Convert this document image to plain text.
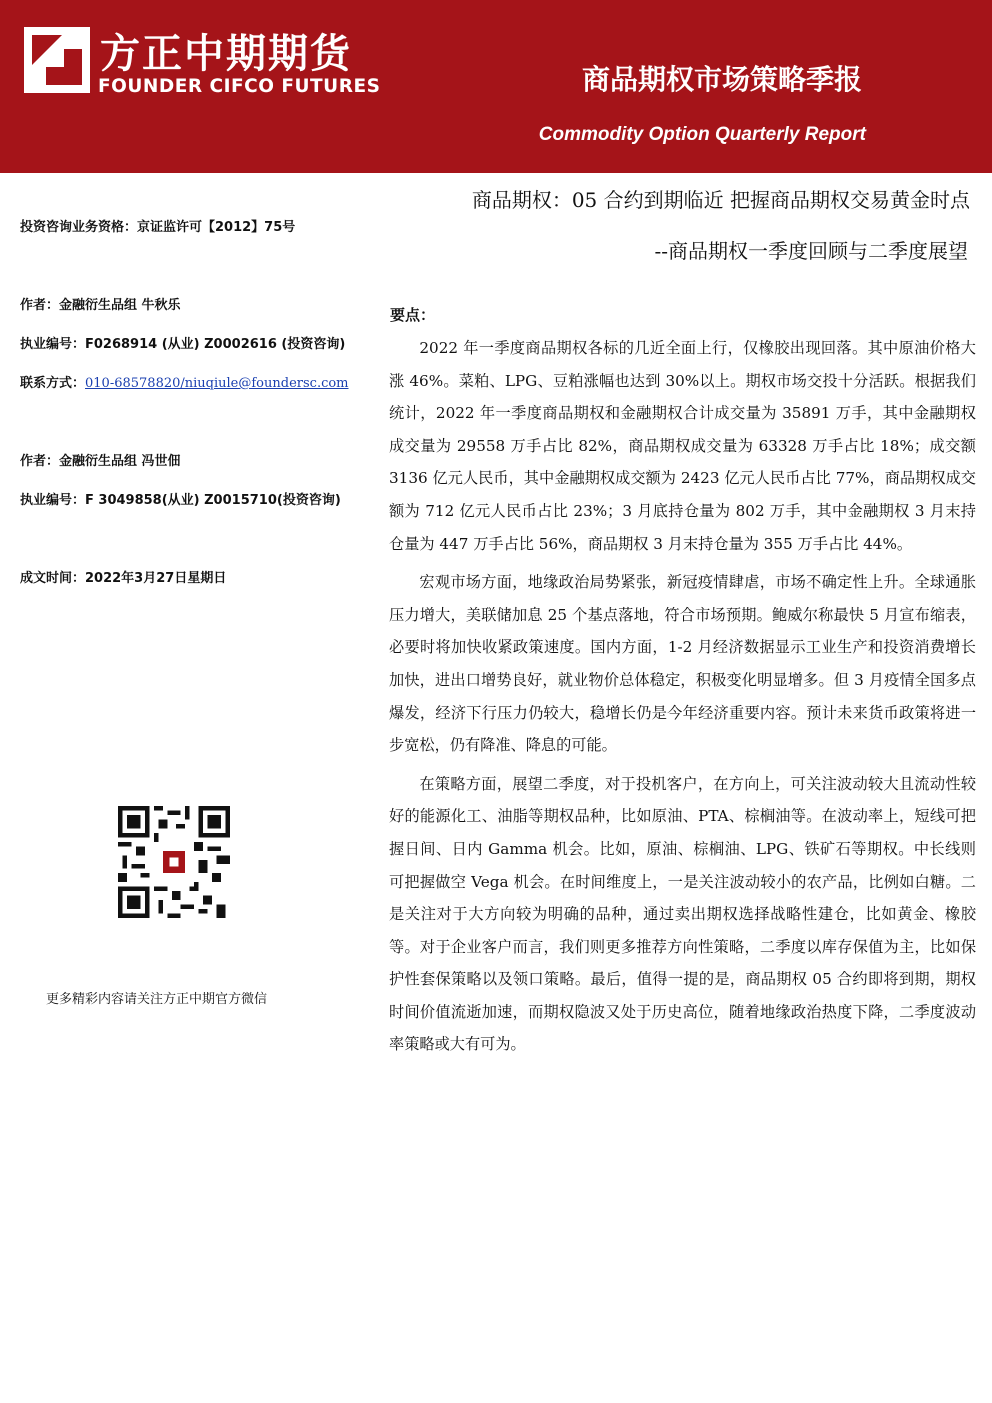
方正中期期货
FOUNDER CIFCO FUTURES	商品期权市场策略季报
Commodity Option Quarterly Report
商品期权：05 合约到期临近 把握商品期权交易黄金时点
--商品期权一季度回顾与二季度展望
投资咨询业务资格：京证监许可【2012】75号
作者：金融衍生品组 牛秋乐
执业编号：F0268914 (从业) Z0002616 (投资咨询)
联系方式：010-68578820/niuqiule@foundersc.com
作者：金融衍生品组 冯世佃
执业编号：F 3049858(从业) Z0015710(投资咨询)
成文时间：2022年3月27日星期日
更多精彩内容请关注方正中期官方微信
要点：

2022 年一季度商品期权各标的几近全面上行，仅橡胶出现回落。其中原油价格大涨 46%。菜粕、LPG、豆粕涨幅也达到 30%以上。期权市场交投十分活跃。根据我们统计，2022 年一季度商品期权和金融期权合计成交量为 35891 万手，其中金融期权成交量为 29558 万手占比 82%，商品期权成交量为 63328 万手占比 18%；成交额 3136 亿元人民币，其中金融期权成交额为 2423 亿元人民币占比 77%，商品期权成交额为 712 亿元人民币占比 23%；3 月底持仓量为 802 万手，其中金融期权 3 月末持仓量为 447 万手占比 56%，商品期权 3 月末持仓量为 355 万手占比 44%。

宏观市场方面，地缘政治局势紧张，新冠疫情肆虐，市场不确定性上升。全球通胀压力增大，美联储加息 25 个基点落地，符合市场预期。鲍威尔称最快 5 月宣布缩表，必要时将加快收紧政策速度。国内方面，1-2 月经济数据显示工业生产和投资消费增长加快，进出口增势良好，就业物价总体稳定，积极变化明显增多。但 3 月疫情全国多点爆发，经济下行压力仍较大，稳增长仍是今年经济重要内容。预计未来货币政策将进一步宽松，仍有降准、降息的可能。

在策略方面，展望二季度，对于投机客户，在方向上，可关注波动较大且流动性较好的能源化工、油脂等期权品种，比如原油、PTA、棕榈油等。在波动率上，短线可把握日间、日内 Gamma 机会。比如，原油、棕榈油、LPG、铁矿石等期权。中长线则可把握做空 Vega 机会。在时间维度上，一是关注波动较小的农产品，比例如白糖。二是关注对于大方向较为明确的品种，通过卖出期权选择战略性建仓，比如黄金、橡胶等。对于企业客户而言，我们则更多推荐方向性策略，二季度以库存保值为主，比如保护性套保策略以及领口策略。最后，值得一提的是，商品期权 05 合约即将到期，期权时间价值流逝加速，而期权隐波又处于历史高位，随着地缘政治热度下降，二季度波动率策略或大有可为。
